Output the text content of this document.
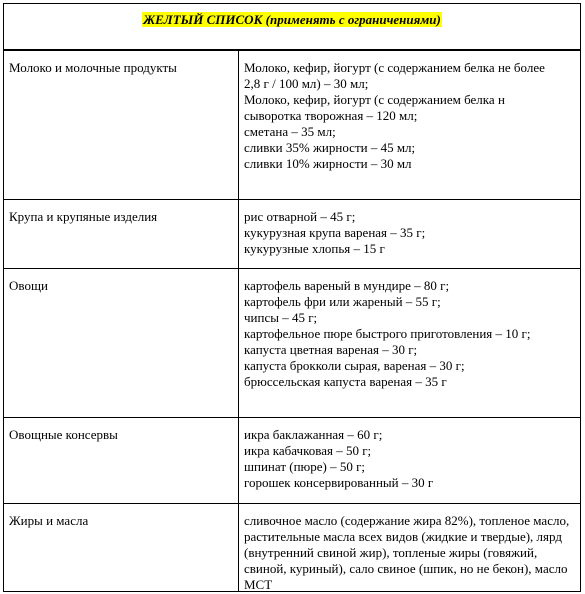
ЖЕЛТЫЙ СПИСОК (применять с ограничениями)
Молоко и молочные продукты	Молоко, кефир, йогурт (с содержанием белка не более
2,8 г / 100 мл) – 30 мл;
Молоко, кефир, йогурт (с содержанием белка н
сыворотка творожная – 120 мл;
сметана – 35 мл;
сливки 35% жирности – 45 мл;
сливки 10% жирности – 30 мл
Крупа и крупяные изделия	рис отварной – 45 г;
кукурузная крупа вареная – 35 г;
кукурузные хлопья – 15 г
Овощи	картофель вареный в мундире – 80 г;
картофель фри или жареный – 55 г;
чипсы – 45 г;
картофельное пюре быстрого приготовления – 10 г;
капуста цветная вареная – 30 г;
капуста брокколи сырая, вареная – 30 г;
брюссельская капуста вареная – 35 г
Овощные консервы	икра баклажанная – 60 г;
икра кабачковая – 50 г;
шпинат (пюре) – 50 г;
горошек консервированный – 30 г
Жиры и масла	сливочное масло (содержание жира 82%), топленое масло, растительные масла всех видов (жидкие и твердые), лярд (внутренний свиной жир), топленые жиры (говяжий, свиной, куриный), сало свиное (шпик, но не бекон), масло МСТ
